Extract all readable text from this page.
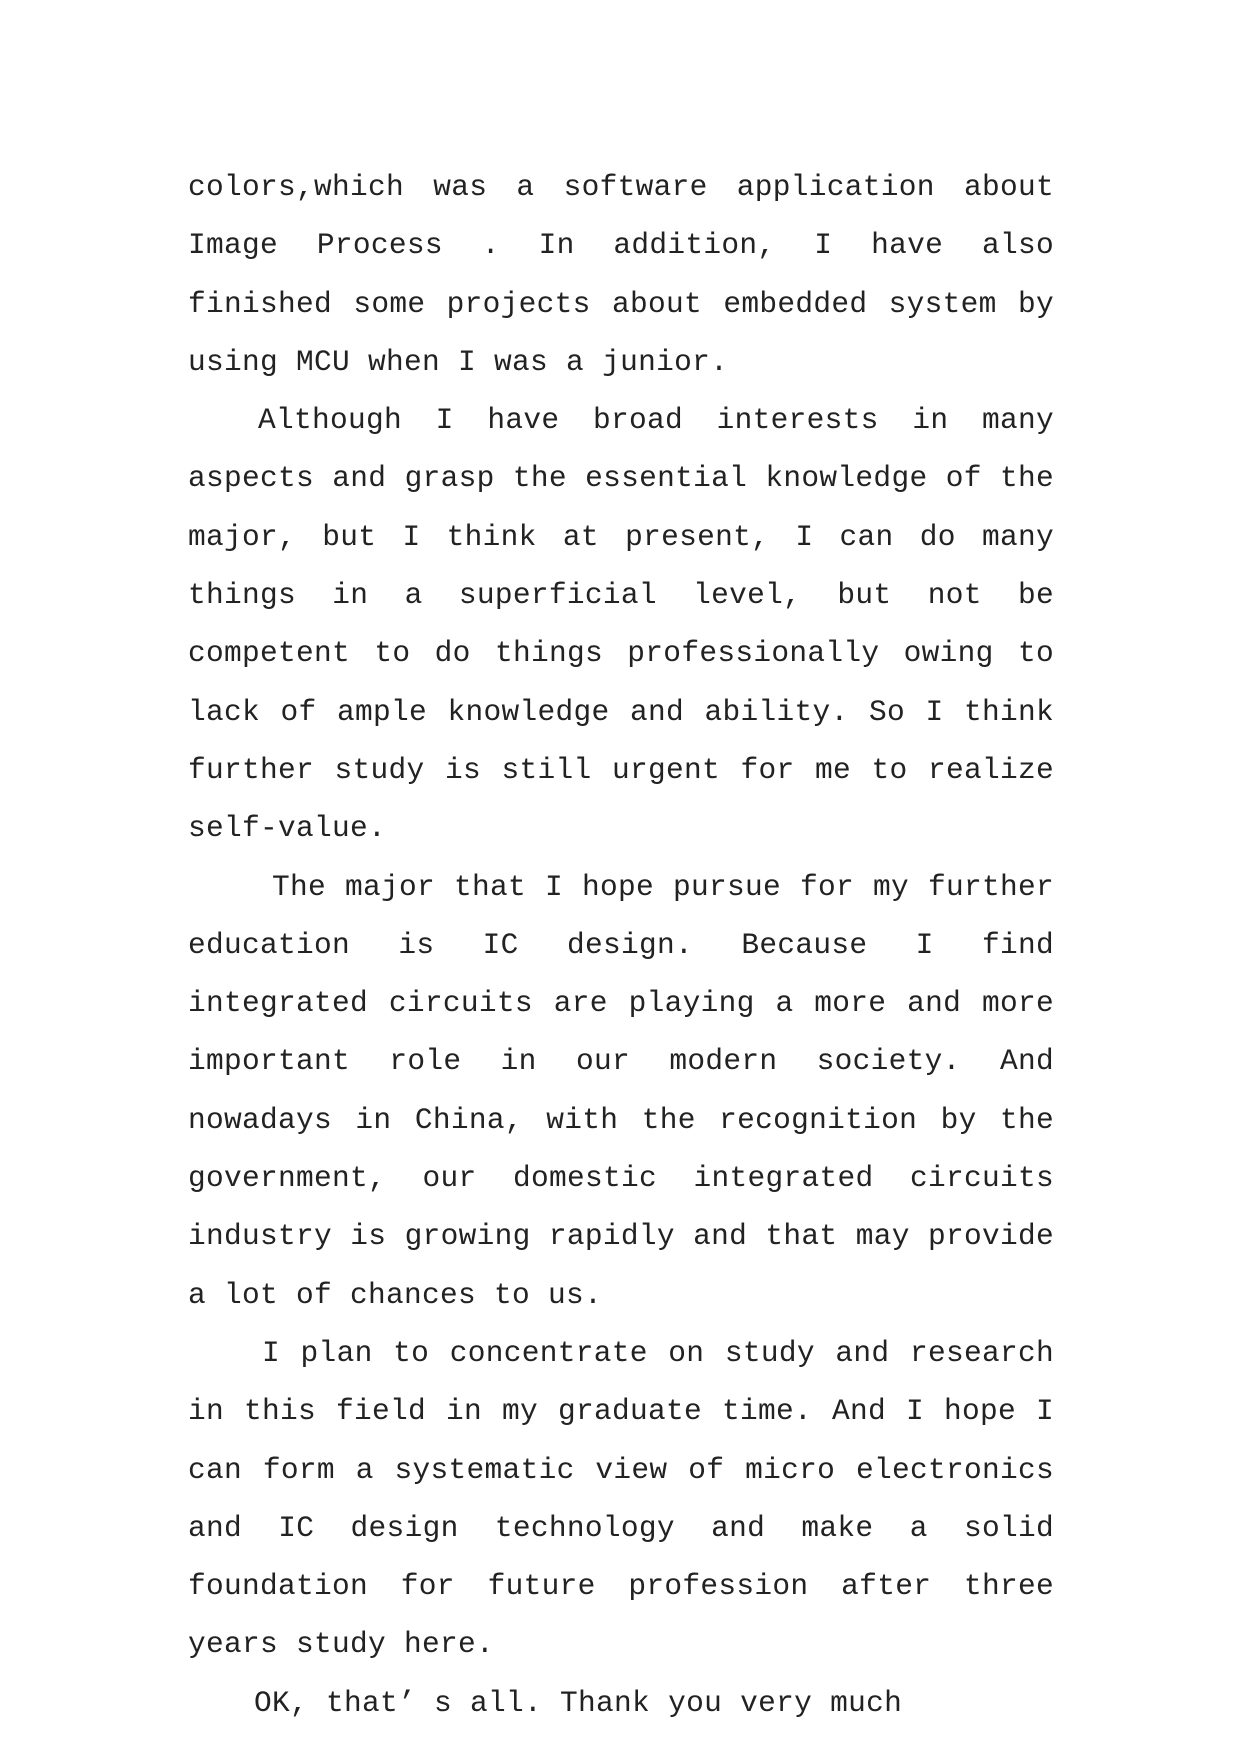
colors,which was a software application about Image Process . In addition, I have also finished some projects about embedded system by using MCU when I was a junior.

Although I have broad interests in many aspects and grasp the essential knowledge of the major, but I think at present, I can do many things in a superficial level, but not be competent to do things professionally owing to lack of ample knowledge and ability. So I think further study is still urgent for me to realize self-value.

The major that I hope pursue for my further education is IC design. Because I find integrated circuits are playing a more and more important role in our modern society. And nowadays in China, with the recognition by the government, our domestic integrated circuits industry is growing rapidly and that may provide a lot of chances to us.

I plan to concentrate on study and research in this field in my graduate time. And I hope I can form a systematic view of micro electronics and IC design technology and make a solid foundation for future profession after three years study here.

OK, that’ s all. Thank you very much
